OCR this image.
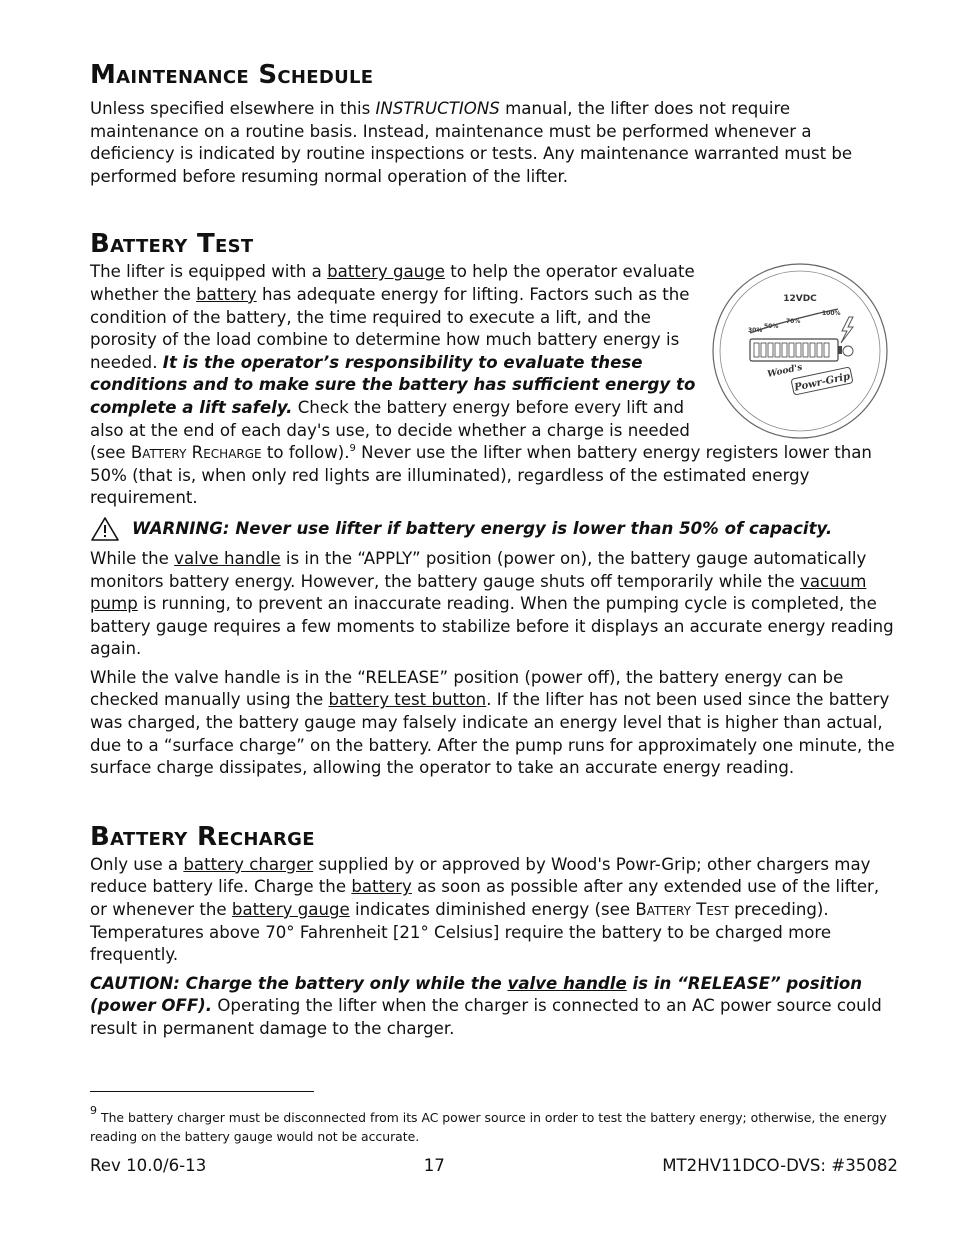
Maintenance Schedule

Unless specified elsewhere in this INSTRUCTIONS manual, the lifter does not require maintenance on a routine basis. Instead, maintenance must be performed whenever a deficiency is indicated by routine inspections or tests. Any maintenance warranted must be performed before resuming normal operation of the lifter.

Battery Test
12VDC
30%
50%
70%
100%
Wood's
Powr-Grip

The lifter is equipped with a battery gauge to help the operator evaluate whether the battery has adequate energy for lifting. Factors such as the condition of the battery, the time required to execute a lift, and the porosity of the load combine to determine how much battery energy is needed. It is the operator’s responsibility to evaluate these conditions and to make sure the battery has sufficient energy to complete a lift safely. Check the battery energy before every lift and also at the end of each day's use, to decide whether a charge is needed (see Battery Recharge to follow).$^9$ Never use the lifter when battery energy registers lower than 50% (that is, when only red lights are illuminated), regardless of the estimated energy requirement.

WARNING: Never use lifter if battery energy is lower than 50% of capacity.

While the valve handle is in the “APPLY” position (power on), the battery gauge automatically monitors battery energy. However, the battery gauge shuts off temporarily while the vacuum pump is running, to prevent an inaccurate reading. When the pumping cycle is completed, the battery gauge requires a few moments to stabilize before it displays an accurate energy reading again.

While the valve handle is in the “RELEASE” position (power off), the battery energy can be checked manually using the battery test button. If the lifter has not been used since the battery was charged, the battery gauge may falsely indicate an energy level that is higher than actual, due to a “surface charge” on the battery. After the pump runs for approximately one minute, the surface charge dissipates, allowing the operator to take an accurate energy reading.

Battery Recharge

Only use a battery charger supplied by or approved by Wood's Powr-Grip; other chargers may reduce battery life. Charge the battery as soon as possible after any extended use of the lifter, or whenever the battery gauge indicates diminished energy (see Battery Test preceding). Temperatures above 70° Fahrenheit [21° Celsius] require the battery to be charged more frequently.

CAUTION: Charge the battery only while the valve handle is in “RELEASE” position (power OFF). Operating the lifter when the charger is connected to an AC power source could result in permanent damage to the charger.

9 The battery charger must be disconnected from its AC power source in order to test the battery energy; otherwise, the energy reading on the battery gauge would not be accurate.
Rev 10.0/6-13	17	MT2HV11DCO-DVS: #35082
